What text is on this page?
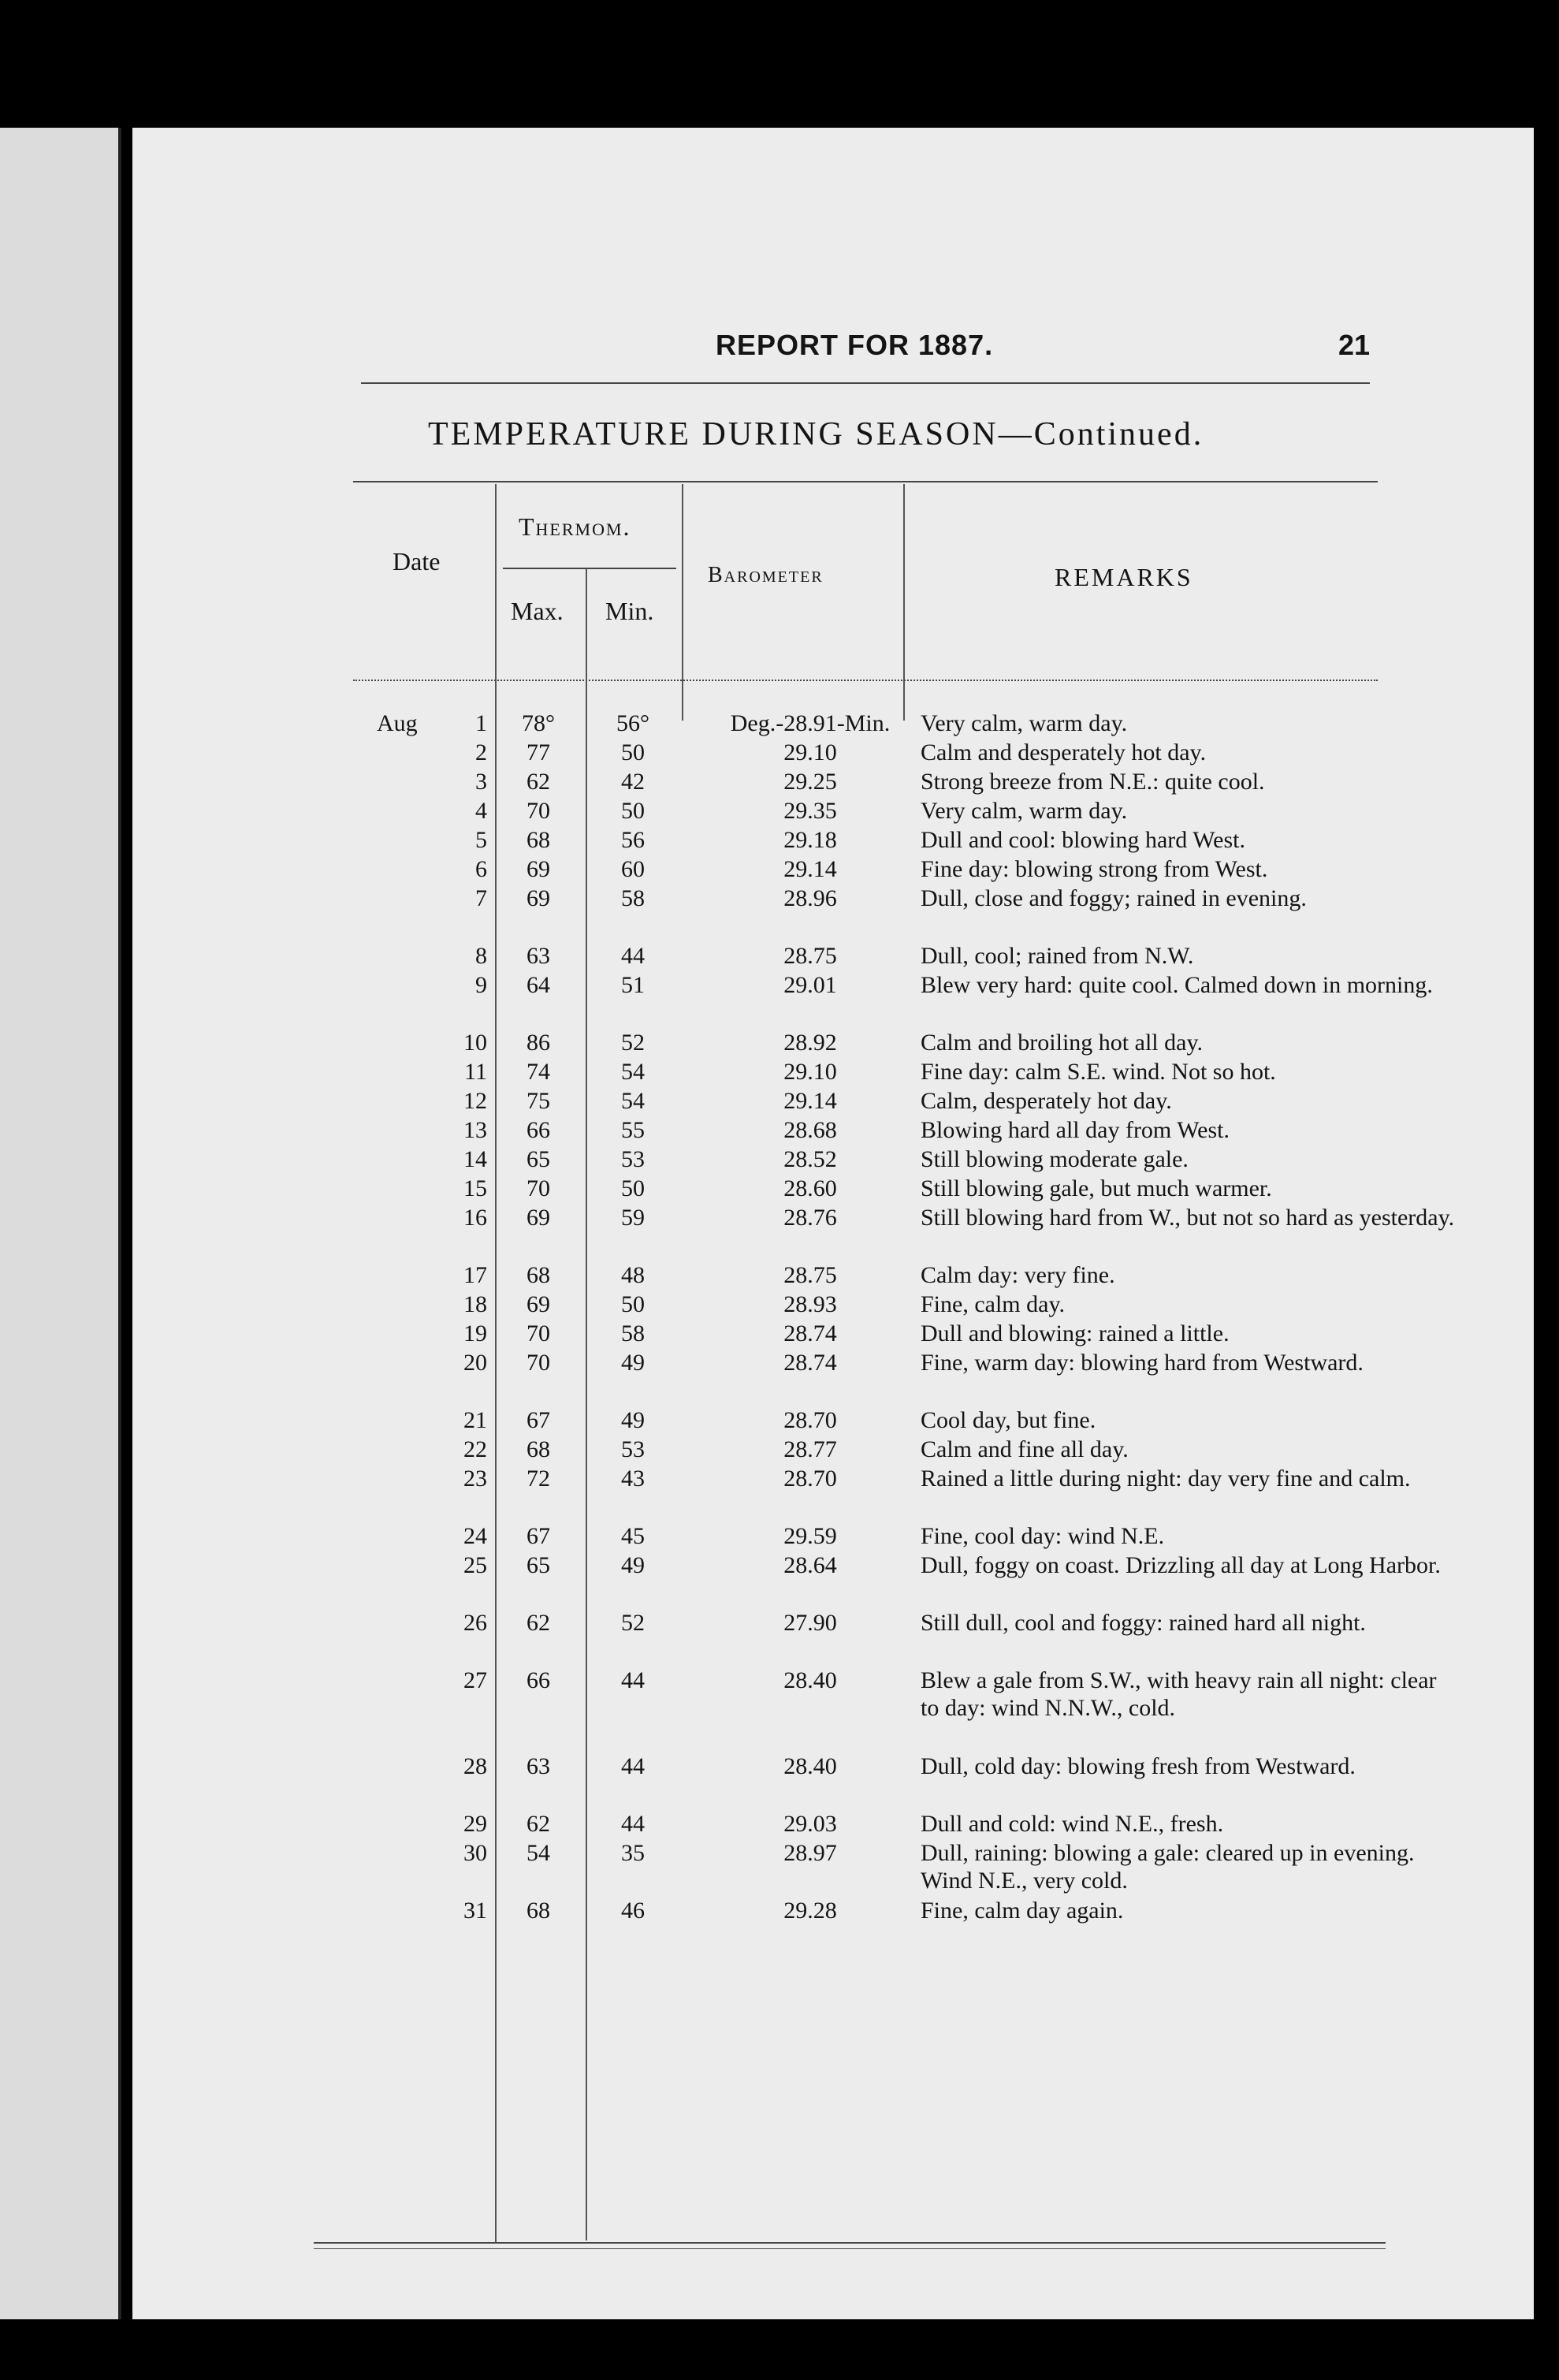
REPORT FOR 1887.	21
TEMPERATURE DURING SEASON—Continued.
Date
Thermom.
Max. Min.
Barometer	REMARKS
Aug	1	78°	56°	Deg.-28.91-Min.	Very calm, warm day.
2	77	50	29.10	Calm and desperately hot day.
3	62	42	29.25	Strong breeze from N.E.: quite cool.
4	70	50	29.35	Very calm, warm day.
5	68	56	29.18	Dull and cool: blowing hard West.
6	69	60	29.14	Fine day: blowing strong from West.
7	69	58	28.96	Dull, close and foggy; rained in evening.
8	63	44	28.75	Dull, cool; rained from N.W.
9	64	51	29.01	Blew very hard: quite cool. Calmed down in morning.
10	86	52	28.92	Calm and broiling hot all day.
11	74	54	29.10	Fine day: calm S.E. wind. Not so hot.
12	75	54	29.14	Calm, desperately hot day.
13	66	55	28.68	Blowing hard all day from West.
14	65	53	28.52	Still blowing moderate gale.
15	70	50	28.60	Still blowing gale, but much warmer.
16	69	59	28.76	Still blowing hard from W., but not so hard as yesterday.
17	68	48	28.75	Calm day: very fine.
18	69	50	28.93	Fine, calm day.
19	70	58	28.74	Dull and blowing: rained a little.
20	70	49	28.74	Fine, warm day: blowing hard from Westward.
21	67	49	28.70	Cool day, but fine.
22	68	53	28.77	Calm and fine all day.
23	72	43	28.70	Rained a little during night: day very fine and calm.
24	67	45	29.59	Fine, cool day: wind N.E.
25	65	49	28.64	Dull, foggy on coast. Drizzling all day at Long Harbor.
26	62	52	27.90	Still dull, cool and foggy: rained hard all night.
27	66	44	28.40	Blew a gale from S.W., with heavy rain all night: clear to day: wind N.N.W., cold.
28	63	44	28.40	Dull, cold day: blowing fresh from Westward.
29	62	44	29.03	Dull and cold: wind N.E., fresh.
30	54	35	28.97	Dull, raining: blowing a gale: cleared up in evening. Wind N.E., very cold.
31	68	46	29.28	Fine, calm day again.
